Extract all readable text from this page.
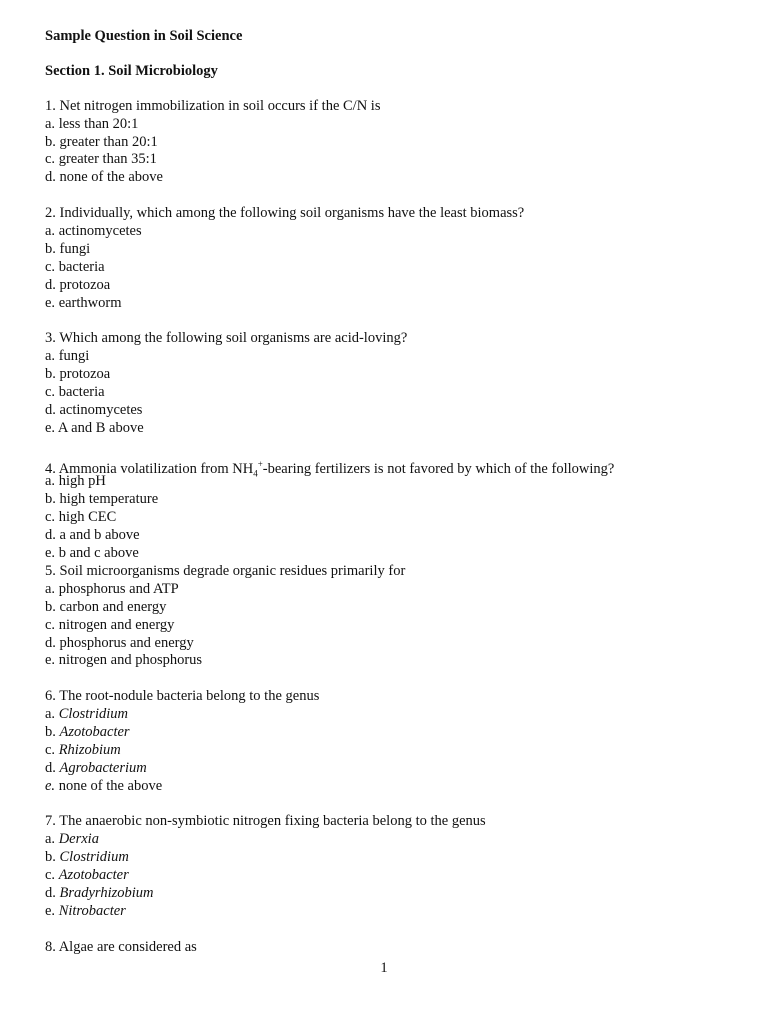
Sample Question in Soil Science
Section 1. Soil Microbiology
1. Net nitrogen immobilization in soil occurs if the C/N is
a. less than 20:1
b. greater than 20:1
c. greater than 35:1
d. none of the above
2. Individually, which among the following soil organisms have the least biomass?
a. actinomycetes
b. fungi
c. bacteria
d. protozoa
e. earthworm
3. Which among the following soil organisms are acid-loving?
a. fungi
b. protozoa
c. bacteria
d. actinomycetes
e. A and B above
4. Ammonia volatilization from $NH_4^+$-bearing fertilizers is not favored by which of the following?
a. high pH
b. high temperature
c. high CEC
d. a and b above
e. b and c above
5. Soil microorganisms degrade organic residues primarily for
a. phosphorus and ATP
b. carbon and energy
c. nitrogen and energy
d. phosphorus and energy
e. nitrogen and phosphorus
6. The root-nodule bacteria belong to the genus
a. Clostridium
b. Azotobacter
c. Rhizobium
d. Agrobacterium
e. none of the above
7. The anaerobic non-symbiotic nitrogen fixing bacteria belong to the genus
a. Derxia
b. Clostridium
c. Azotobacter
d. Bradyrhizobium
e. Nitrobacter
8. Algae are considered as
1
